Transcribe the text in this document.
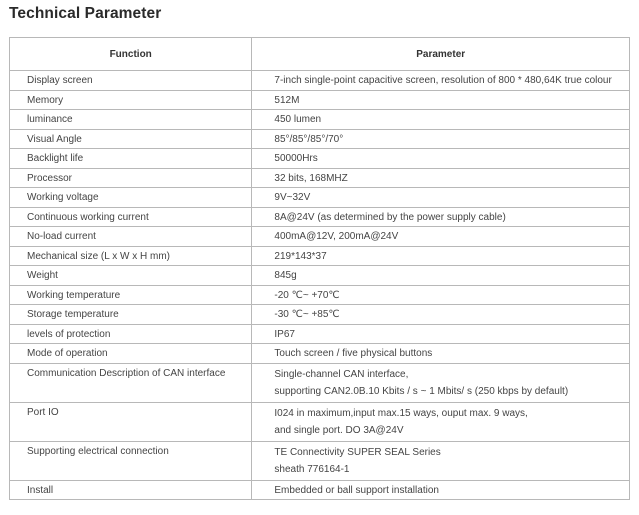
Technical Parameter
Function	Parameter

Display screen	7-inch single-point capacitive screen, resolution of 800 * 480,64K true colour

Memory	512M

luminance	450 lumen

Visual Angle	85°/85°/85°/70°

Backlight life	50000Hrs

Processor	32 bits, 168MHZ

Working voltage	9V~32V

Continuous working current	8A@24V (as determined by the power supply cable)

No-load current	400mA@12V, 200mA@24V

Mechanical size (L x W x H mm)	219*143*37

Weight	845g

Working temperature	-20 ℃~ +70℃

Storage temperature	-30 ℃~ +85℃

levels of protection	IP67

Mode of operation	Touch screen / five physical buttons

Communication Description of CAN interface	Single-channel CAN interface,
supporting CAN2.0B.10 Kbits / s ~ 1 Mbits/ s (250 kbps by default)

Port IO	I024 in maximum,input max.15 ways, ouput max. 9 ways,
and single port. DO 3A@24V

Supporting electrical connection	TE Connectivity SUPER SEAL Series
sheath 776164-1

Install	Embedded or ball support installation
